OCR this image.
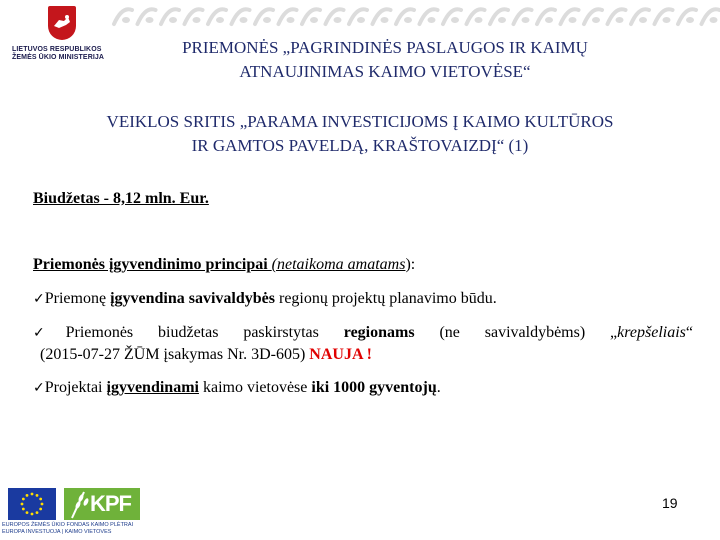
LIETUVOS RESPUBLIKOS
ŽEMĖS ŪKIO MINISTERIJA
PRIEMONĖS „PAGRINDINĖS PASLAUGOS IR KAIMŲ
ATNAUJINIMAS KAIMO VIETOVĖSE“
VEIKLOS SRITIS „PARAMA INVESTICIJOMS Į KAIMO KULTŪROS
IR GAMTOS PAVELDĄ, KRAŠTOVAIZDĮ“ (1)
Biudžetas - 8,12 mln. Eur.
Priemonės įgyvendinimo principai (netaikoma amatams):
✓Priemonę įgyvendina savivaldybės regionų projektų planavimo būdu.
✓Priemonės biudžetas paskirstytas regionams (ne savivaldybėms) „krepšeliais“
(2015-07-27 ŽŪM įsakymas Nr. 3D-605) NAUJA !
✓Projektai įgyvendinami kaimo vietovėse iki 1000 gyventojų.
KPF
EUROPOS ŽEMĖS ŪKIO FONDAS KAIMO PLĖTRAI
EUROPA INVESTUOJA | KAIMO VIETOVES
19
